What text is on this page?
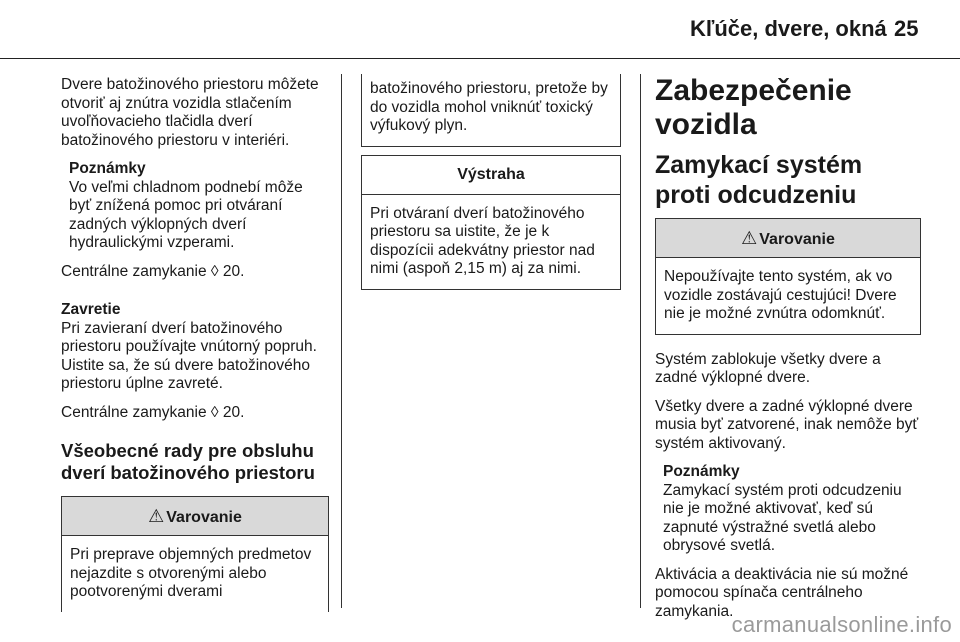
Kľúče, dvere, okná 25

Dvere batožinového priestoru môžete otvoriť aj znútra vozidla stlačením uvoľňovacieho tlačidla dverí batožinového priestoru v interiéri.

Poznámky
Vo veľmi chladnom podnebí môže byť znížená pomoc pri otváraní zadných výklopných dverí hydraulickými vzperami.

Centrálne zamykanie ◊ 20.

Zavretie

Pri zavieraní dverí batožinového priestoru používajte vnútorný popruh. Uistite sa, že sú dvere batožinového priestoru úplne zavreté.

Centrálne zamykanie ◊ 20.

Všeobecné rady pre obsluhu dverí batožinového priestoru
⚠ Varovanie
Pri preprave objemných predmetov nejazdite s otvorenými alebo pootvorenými dverami
batožinového priestoru, pretože by do vozidla mohol vniknúť toxický výfukový plyn.
Výstraha
Pri otváraní dverí batožinového priestoru sa uistite, že je k dispozícii adekvátny priestor nad nimi (aspoň 2,15 m) aj za nimi.
Zabezpečenie vozidla
Zamykací systém proti odcudzeniu
⚠ Varovanie
Nepoužívajte tento systém, ak vo vozidle zostávajú cestujúci! Dvere nie je možné zvnútra odomknúť.

Systém zablokuje všetky dvere a zadné výklopné dvere.

Všetky dvere a zadné výklopné dvere musia byť zatvorené, inak nemôže byť systém aktivovaný.

Poznámky
Zamykací systém proti odcudzeniu nie je možné aktivovať, keď sú zapnuté výstražné svetlá alebo obrysové svetlá.

Aktivácia a deaktivácia nie sú možné pomocou spínača centrálneho zamykania.

carmanualsonline.info
